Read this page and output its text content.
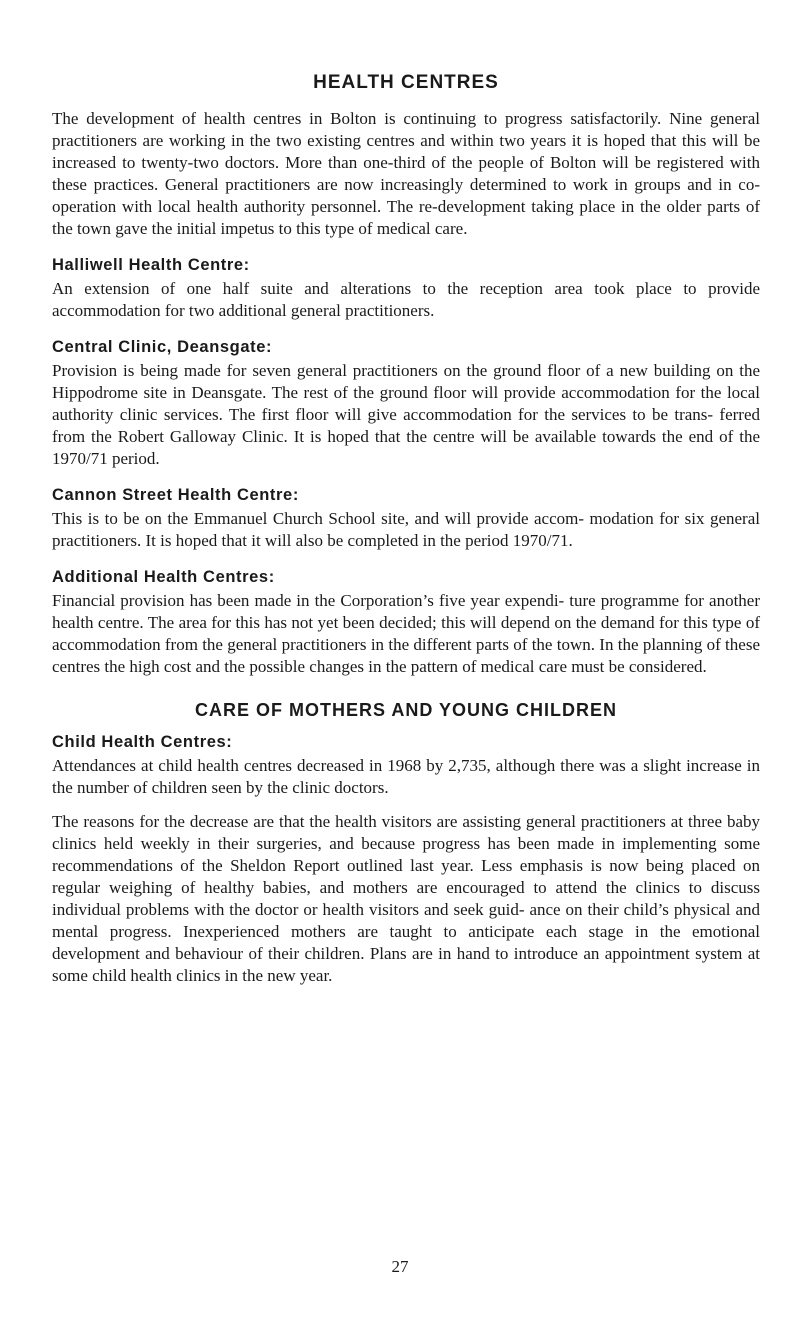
HEALTH CENTRES

The development of health centres in Bolton is continuing to progress satisfactorily. Nine general practitioners are working in the two existing centres and within two years it is hoped that this will be increased to twenty-two doctors. More than one-third of the people of Bolton will be registered with these practices. General practitioners are now increasingly determined to work in groups and in co-operation with local health authority personnel. The re-development taking place in the older parts of the town gave the initial impetus to this type of medical care.

Halliwell Health Centre:

An extension of one half suite and alterations to the reception area took place to provide accommodation for two additional general practitioners.

Central Clinic, Deansgate:

Provision is being made for seven general practitioners on the ground floor of a new building on the Hippodrome site in Deansgate. The rest of the ground floor will provide accommodation for the local authority clinic services. The first floor will give accommodation for the services to be trans- ferred from the Robert Galloway Clinic. It is hoped that the centre will be available towards the end of the 1970/71 period.

Cannon Street Health Centre:

This is to be on the Emmanuel Church School site, and will provide accom- modation for six general practitioners. It is hoped that it will also be completed in the period 1970/71.

Additional Health Centres:

Financial provision has been made in the Corporation’s five year expendi- ture programme for another health centre. The area for this has not yet been decided; this will depend on the demand for this type of accommodation from the general practitioners in the different parts of the town. In the planning of these centres the high cost and the possible changes in the pattern of medical care must be considered.

CARE OF MOTHERS AND YOUNG CHILDREN
Child Health Centres:

Attendances at child health centres decreased in 1968 by 2,735, although there was a slight increase in the number of children seen by the clinic doctors.

The reasons for the decrease are that the health visitors are assisting general practitioners at three baby clinics held weekly in their surgeries, and because progress has been made in implementing some recommendations of the Sheldon Report outlined last year. Less emphasis is now being placed on regular weighing of healthy babies, and mothers are encouraged to attend the clinics to discuss individual problems with the doctor or health visitors and seek guid- ance on their child’s physical and mental progress. Inexperienced mothers are taught to anticipate each stage in the emotional development and behaviour of their children. Plans are in hand to introduce an appointment system at some child health clinics in the new year.

27
